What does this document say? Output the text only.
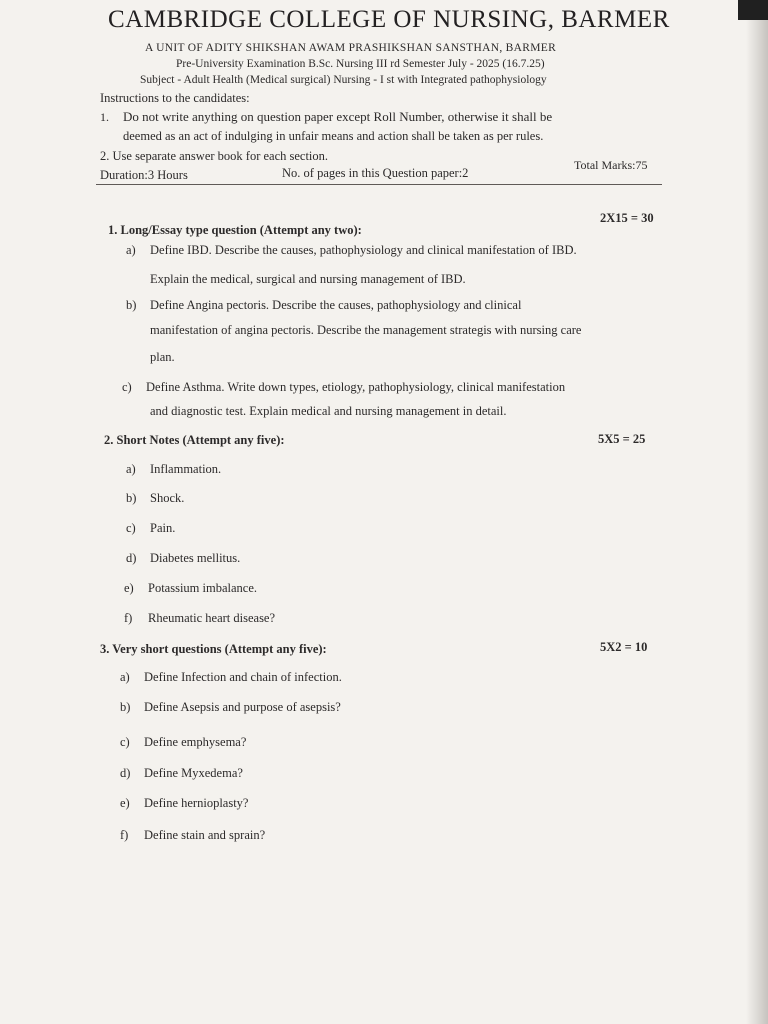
CAMBRIDGE COLLEGE OF NURSING, BARMER
A UNIT OF ADITY SHIKSHAN AWAM PRASHIKSHAN SANSTHAN, BARMER
Pre-University Examination B.Sc. Nursing III rd Semester July - 2025 (16.7.25)
Subject - Adult Health (Medical surgical) Nursing - I st with Integrated pathophysiology
Instructions to the candidates:
1. Do not write anything on question paper except Roll Number, otherwise it shall be
deemed as an act of indulging in unfair means and action shall be taken as per rules.
2. Use separate answer book for each section.
Total Marks:75
Duration:3 Hours	No. of pages in this Question paper:2
2X15 = 30
1. Long/Essay type question (Attempt any two):
a) Define IBD. Describe the causes, pathophysiology and clinical manifestation of IBD.
Explain the medical, surgical and nursing management of IBD.
b) Define Angina pectoris. Describe the causes, pathophysiology and clinical
manifestation of angina pectoris. Describe the management strategis with nursing care
plan.
c) Define Asthma. Write down types, etiology, pathophysiology, clinical manifestation
and diagnostic test. Explain medical and nursing management in detail.
2. Short Notes (Attempt any five):	5X5 = 25
a) Inflammation.
b) Shock.
c) Pain.
d) Diabetes mellitus.
e) Potassium imbalance.
f) Rheumatic heart disease?
3. Very short questions (Attempt any five):	5X2 = 10
a) Define Infection and chain of infection.
b) Define Asepsis and purpose of asepsis?
c) Define emphysema?
d) Define Myxedema?
e) Define hernioplasty?
f) Define stain and sprain?
